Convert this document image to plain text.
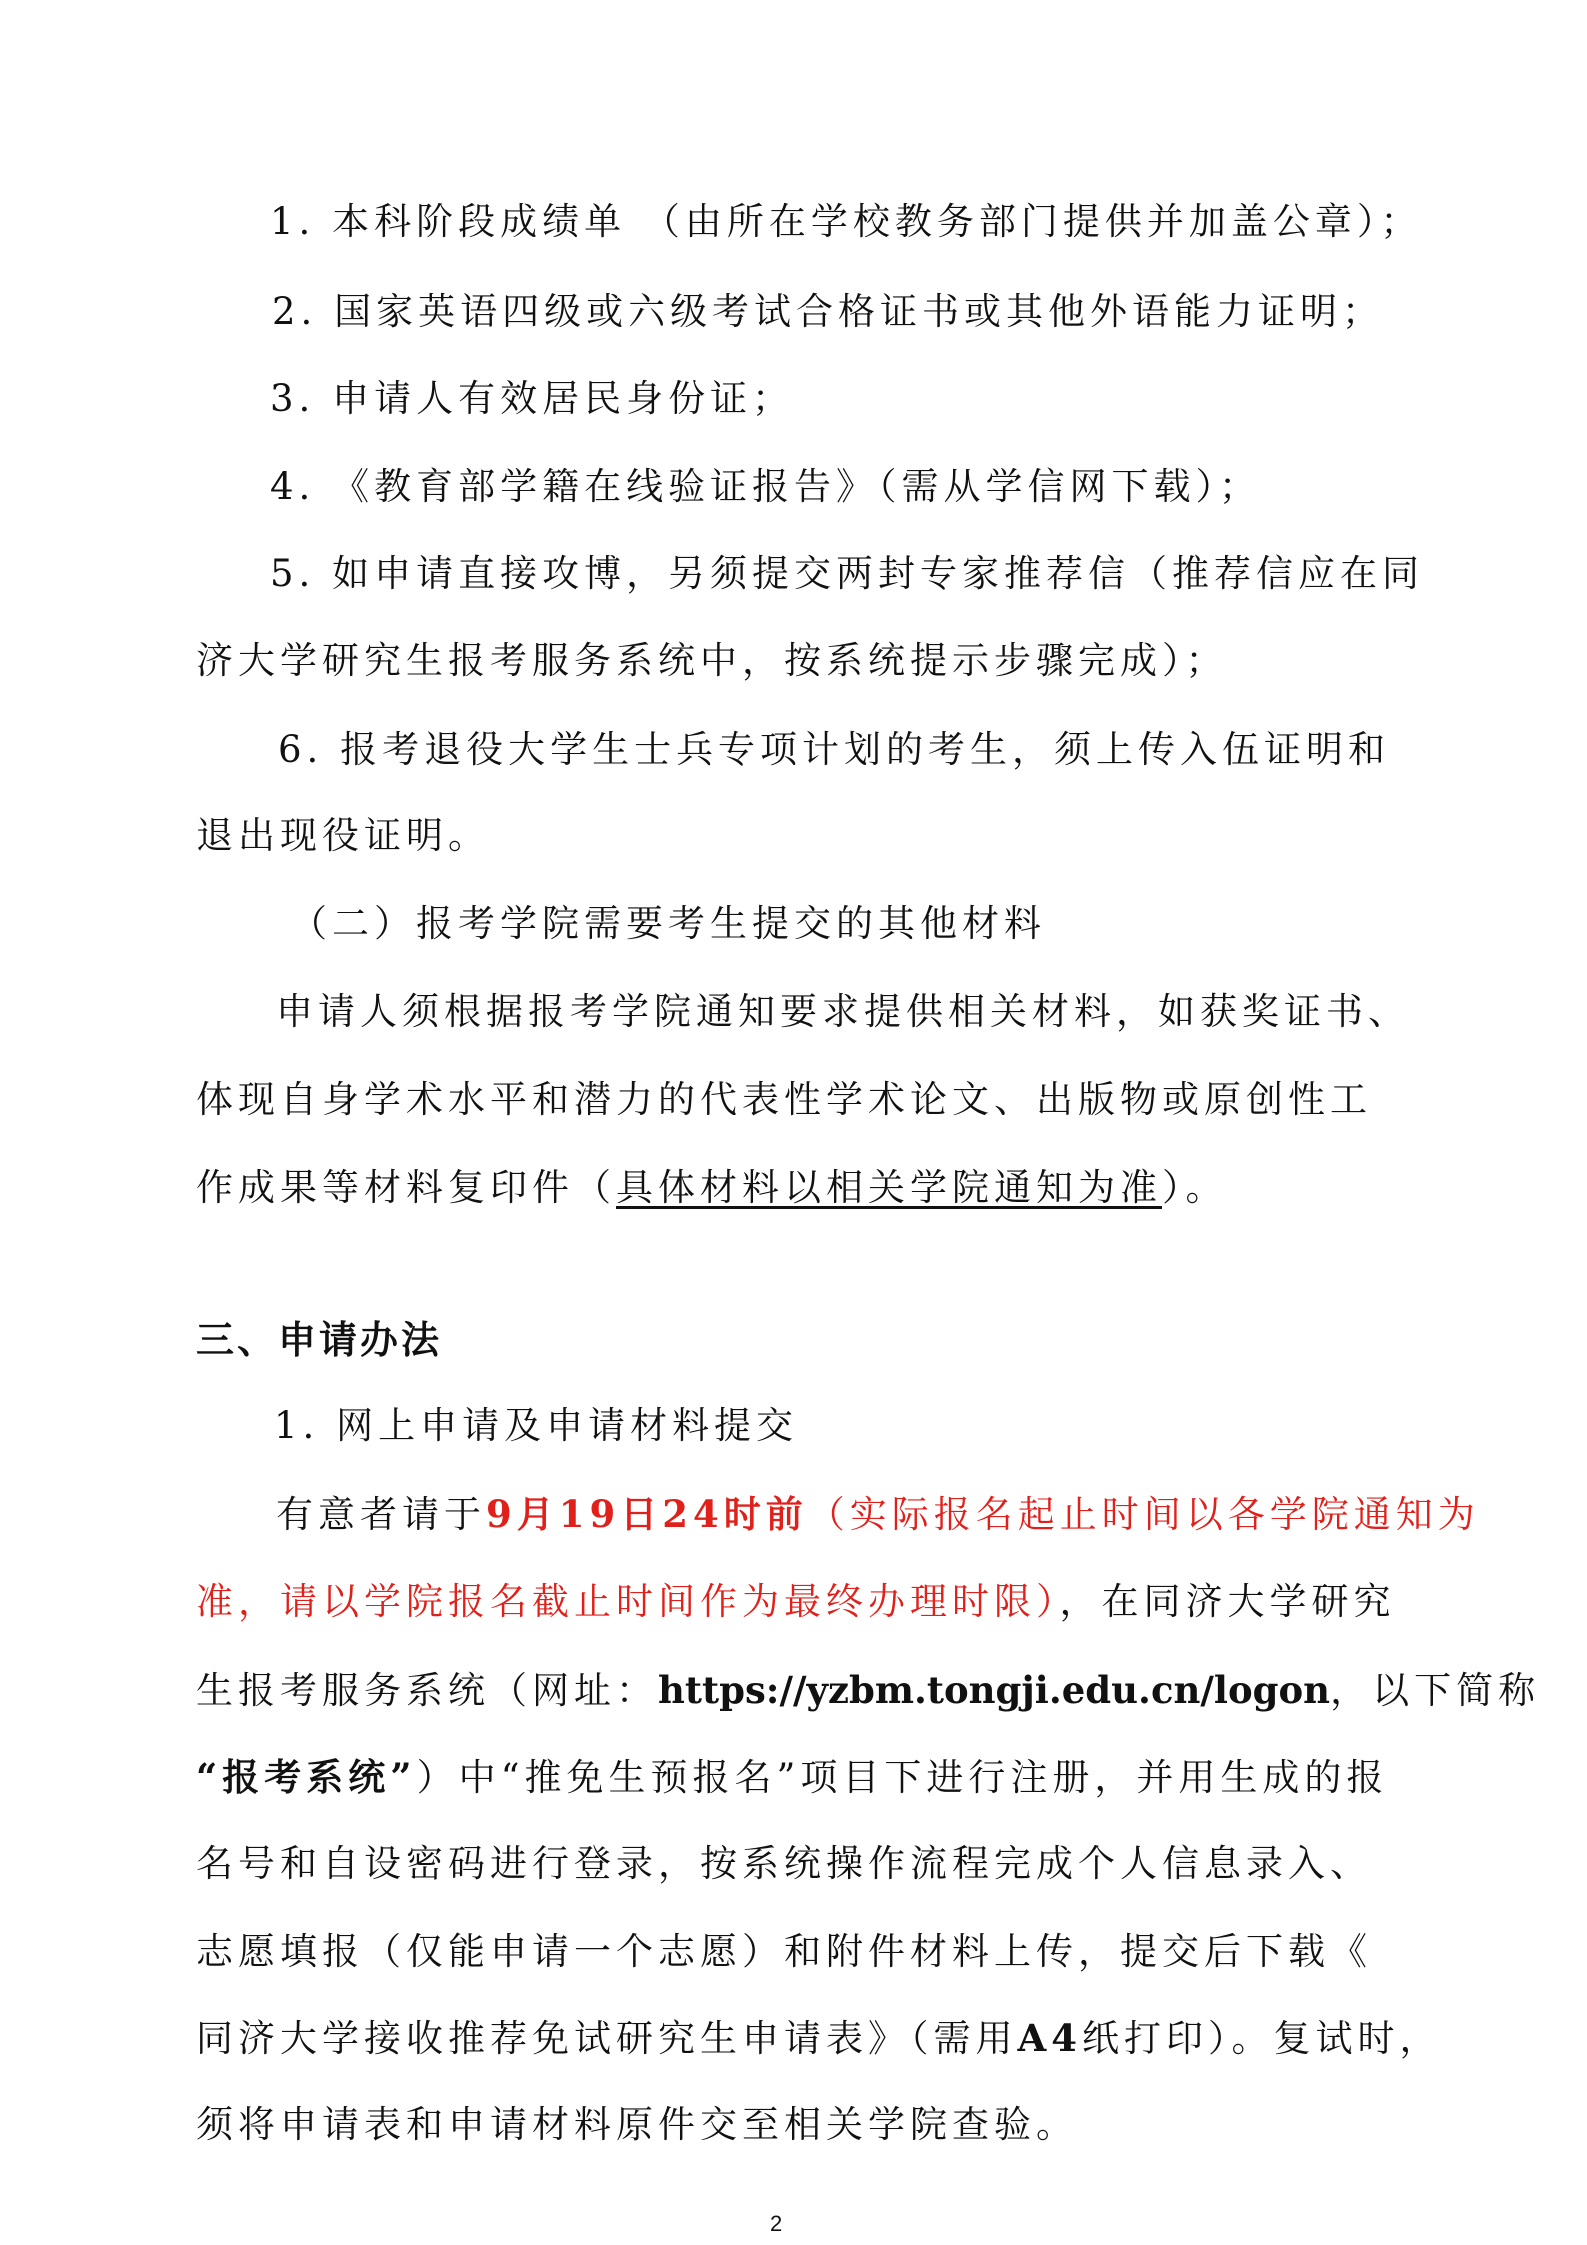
1. 本科阶段成绩单 （由所在学校教务部门提供并加盖公章）；
2. 国家英语四级或六级考试合格证书或其他外语能力证明；
3. 申请人有效居民身份证；
4. 《教育部学籍在线验证报告》（需从学信网下载）；
5. 如申请直接攻博，另须提交两封专家推荐信（推荐信应在同
济大学研究生报考服务系统中，按系统提示步骤完成）；
6. 报考退役大学生士兵专项计划的考生，须上传入伍证明和
退出现役证明。
（二）报考学院需要考生提交的其他材料
申请人须根据报考学院通知要求提供相关材料，如获奖证书、
体现自身学术水平和潜力的代表性学术论文、出版物或原创性工
作成果等材料复印件（具体材料以相关学院通知为准）。
三、申请办法
1. 网上申请及申请材料提交
有意者请于9月19日24时前（实际报名起止时间以各学院通知为
准，请以学院报名截止时间作为最终办理时限），在同济大学研究
生报考服务系统（网址：https://yzbm.tongji.edu.cn/logon，以下简称
“报考系统”）中“推免生预报名”项目下进行注册，并用生成的报
名号和自设密码进行登录，按系统操作流程完成个人信息录入、
志愿填报（仅能申请一个志愿）和附件材料上传，提交后下载《
同济大学接收推荐免试研究生申请表》（需用A4纸打印）。复试时，
须将申请表和申请材料原件交至相关学院查验。
2
